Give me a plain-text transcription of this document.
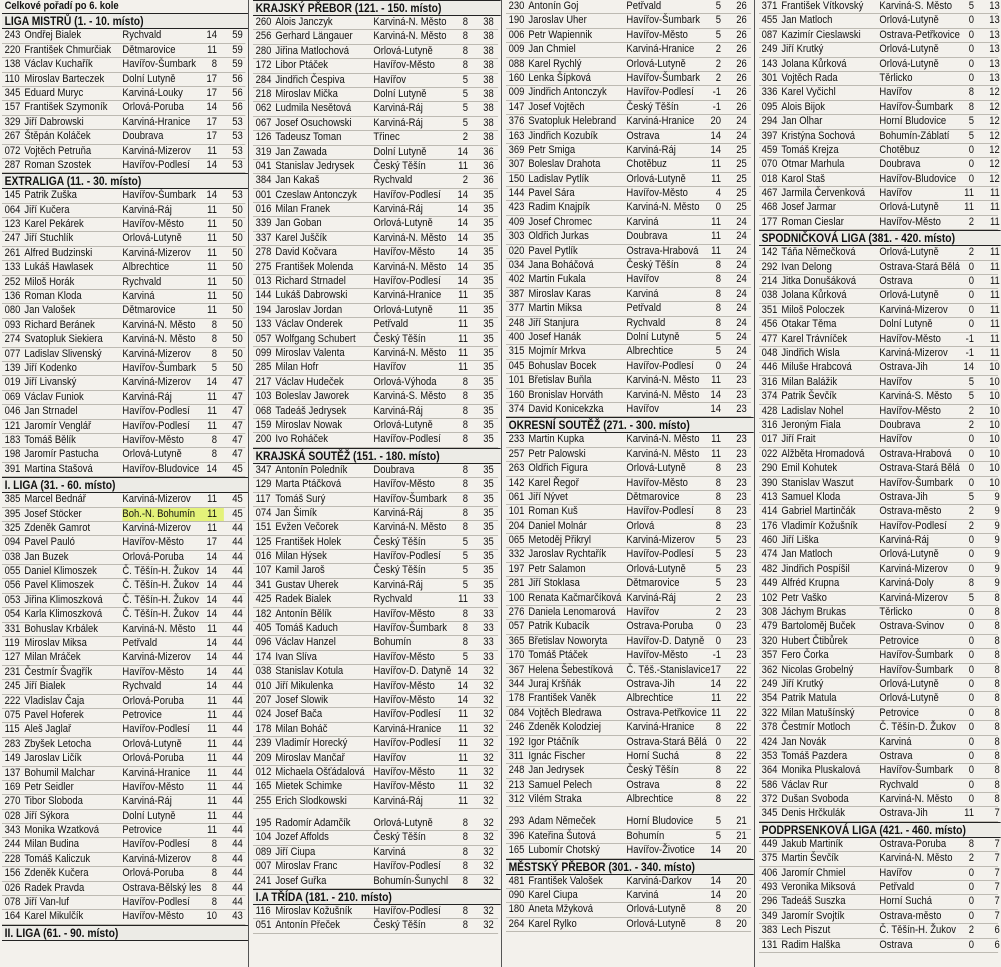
Celkové pořadí po 6. kole
LIGA MISTRŮ (1. - 10. místo)
243 Ondřej Bialek	Rychvald	14	59
220 František Chmurčiak	Dětmarovice	11	59
138 Václav Kuchařík	Havířov-Šumbark	8	59
110 Miroslav Barteczek	Dolní Lutyně	17	56
345 Eduard Muryc	Karviná-Louky	17	56
157 František Szymoník	Orlová-Poruba	14	56
329 Jiří Dabrowski	Karviná-Hranice	17	53
267 Štěpán Koláček	Doubrava	17	53
072 Vojtěch Petruňa	Karviná-Mizerov	11	53
287 Roman Szostek	Havířov-Podlesí	14	53
EXTRALIGA (11. - 30. místo)
145 Patrik Zuška	Havířov-Šumbark 14	53
064 Jiří Kučera	Karviná-Ráj	11	50
123 Karel Pekárek	Havířov-Město	11	50
247 Jiří Stuchlík	Orlová-Lutyně	11	50
261 Alfred Budzinski	Karviná-Mizerov	11	50
133 Lukáš Hawlasek	Albrechtice	11	50
252 Miloš Horák	Rychvald	11	50
136 Roman Kloda	Karviná	11	50
080 Jan Valošek	Dětmarovice	11	50
093 Richard Beránek	Karviná-N. Město	8	50
274 Svatopluk Siekiera	Karviná-N. Město	8	50
077 Ladislav Slivenský	Karviná-Mizerov	8	50
139 Jiří Kodenko	Havířov-Šumbark	5	50
019 Jiří Livanský	Karviná-Mizerov	14	47
069 Václav Funiok	Karviná-Ráj	11	47
046 Jan Strnadel	Havířov-Podlesí	11	47
121 Jaromír Venglář	Havířov-Podlesí	11	47
183 Tomáš Bělík	Havířov-Město	8	47
198 Jaromír Pastucha	Orlová-Lutyně	8	47
391 Martina Stašová	Havířov-Bludovice 14	45
I. LIGA (31. - 60. místo)
385 Marcel Bednář	Karviná-Mizerov	11	45
395 Josef Stöcker	Boh.-N. Bohumín	11	45
325 Zdeněk Gamrot	Karviná-Mizerov	11	44
094 Pavel Pauló	Havířov-Město	17	44
038 Jan Buzek	Orlová-Poruba	14	44
055 Daniel Klimoszek	Č. Těšín-H. Žukov 14	44
056 Pavel Klimoszek	Č. Těšín-H. Žukov 14	44
053 Jiřina Klimoszková	Č. Těšín-H. Žukov 14	44
054 Karla Klimoszková	Č. Těšín-H. Žukov 14	44
331 Bohuslav Krbálek	Karviná-N. Město	11	44
119 Miroslav Miksa	Petřvald	14	44
127 Milan Mráček	Karviná-Mizerov	14	44
231 Čestmír Švagřík	Havířov-Město	14	44
245 Jiří Bialek	Rychvald	14	44
222 Vladislav Čaja	Orlová-Poruba	11	44
075 Pavel Hoferek	Petrovice	11	44
115 Aleš Jaglař	Havířov-Podlesí	11	44
283 Zbyšek Letocha	Orlová-Lutyně	11	44
149 Jaroslav Ličík	Orlová-Poruba	11	44
137 Bohumil Malchar	Karviná-Hranice	11	44
169 Petr Seidler	Havířov-Město	11	44
270 Tibor Sloboda	Karviná-Ráj	11	44
028 Jiří Sýkora	Dolní Lutyně	11	44
343 Monika Wzatková	Petrovice	11	44
244 Milan Budina	Havířov-Podlesí	8	44
228 Tomáš Kaliczuk	Karviná-Mizerov	8	44
156 Zdeněk Kučera	Orlová-Poruba	8	44
026 Radek Pravda	Ostrava-Bělský les 8	44
078 Jiří Van-luf	Havířov-Podlesí	8	44
164 Karel Mikulčík	Havířov-Město	10	43
II. LIGA (61. - 90. místo)
KRAJSKÝ PŘEBOR (121. - 150. místo)
260 Alois Janczyk	Karviná-N. Město	8	38
256 Gerhard Längauer	Karviná-N. Město	8	38
280 Jiřina Matlochová	Orlová-Lutyně	8	38
172 Libor Ptáček	Havířov-Město	8	38
284 Jindřich Čespiva	Havířov	5	38
218 Miroslav Mička	Dolní Lutyně	5	38
062 Ludmila Nesětová	Karviná-Ráj	5	38
067 Josef Osuchowski	Karviná-Ráj	5	38
126 Tadeusz Toman	Třinec	2	38
319 Jan Zawada	Dolní Lutyně	14	36
041 Stanislav Jedrysek	Český Těšín	11	36
384 Jan Kakaš	Rychvald	2	36
001 Czeslaw Antonczyk	Havířov-Podlesí	14	35
016 Milan Franek	Karviná-Ráj	14	35
339 Jan Goban	Orlová-Lutyně	14	35
337 Karel Juščík	Karviná-N. Město 14	35
278 David Kočvara	Havířov-Město	14	35
275 František Molenda	Karviná-N. Město 14	35
013 Richard Strnadel	Havířov-Podlesí	14	35
144 Lukáš Dabrowski	Karviná-Hranice	11	35
194 Jaroslav Jordan	Orlová-Lutyně	11	35
133 Václav Onderek	Petřvald	11	35
057 Wolfgang Schubert	Český Těšín	11	35
099 Miroslav Valenta	Karviná-N. Město	11	35
285 Milan Hofr	Havířov	11	35
217 Václav Hudeček	Orlová-Výhoda	8	35
103 Boleslav Jaworek	Karviná-S. Město	8	35
068 Tadeáš Jedrysek	Karviná-Ráj	8	35
159 Miroslav Nowak	Orlová-Lutyně	8	35
200 Ivo Roháček	Havířov-Podlesí	8	35
KRAJSKÁ SOUTĚŽ (151. - 180. místo)
347 Antonín Poledník	Doubrava	8	35
129 Marta Ptáčková	Havířov-Město	8	35
117 Tomáš Surý	Havířov-Šumbark	8	35
074 Jan Šimík	Karviná-Ráj	8	35
151 Evžen Večorek	Karviná-N. Město	8	35
125 František Holek	Český Těšín	5	35
016 Milan Hýsek	Havířov-Podlesí	5	35
107 Kamil Jaroš	Český Těšín	5	35
341 Gustav Uherek	Karviná-Ráj	5	35
425 Radek Bialek	Rychvald	11	33
182 Antonín Bělík	Havířov-Město	8	33
405 Tomáš Kaduch	Havířov-Šumbark	8	33
096 Václav Hanzel	Bohumín	8	33
174 Ivan Slíva	Havířov-Město	5	33
038 Stanislav Kotula	Havířov-D. Datyně 14	32
010 Jiří Mikulenka	Havířov-Město	14	32
207 Josef Slowik	Havířov-Město	14	32
024 Josef Bača	Havířov-Podlesí	11	32
178 Milan Boháč	Karviná-Hranice	11	32
239 Vladimír Horecký	Havířov-Podlesí	11	32
209 Miroslav Mančař	Havířov	11	32
012 Michaela Ošťádalová Havířov-Město	11	32
165 Mietek Schimke	Havířov-Město	11	32
255 Erich Slodkowski	Karviná-Ráj	11	32
195 Radomír Adamčík	Orlová-Lutyně	8	32
104 Jozef Affolds	Český Těšín	8	32
089 Jiří Ciupa	Karviná	8	32
007 Miroslav Franc	Havířov-Podlesí	8	32
241 Josef Guřka	Bohumín-Šunychl	8	32
I.A TŘÍDA (181. - 210. místo)
116 Miroslav Kožušník	Havířov-Podlesí	8	32
051 Antonín Přeček	Český Těšín	8	32
230 Antonín Goj	Petřvald	5	26
190 Jaroslav Uher	Havířov-Šumbark	5	26
006 Petr Wapiennik	Havířov-Město	5	26
009 Jan Chmiel	Karviná-Hranice	2	26
088 Karel Rychlý	Orlová-Lutyně	2	26
160 Lenka Šípková	Havířov-Šumbark	2	26
009 Jindřich Antonczyk	Havířov-Podlesí	-1	26
147 Josef Vojtěch	Český Těšín	-1	26
376 Svatopluk Helebrand Karviná-Hranice	20	24
163 Jindřich Kozubík	Ostrava	14	24
369 Petr Smiga	Karviná-Ráj	14	25
307 Boleslav Drahota	Chotěbuz	11	25
150 Ladislav Pytlík	Orlová-Lutyně	11	25
144 Pavel Sára	Havířov-Město	4	25
423 Radim Knajpík	Karviná-N. Město	0	25
409 Josef Chromec	Karviná	11	24
303 Oldřich Jurkas	Doubrava	11	24
020 Pavel Pytlík	Ostrava-Hrabová	11	24
034 Jana Boháčová	Český Těšín	8	24
402 Martin Fukala	Havířov	8	24
387 Miroslav Karas	Karviná	8	24
377 Martin Miksa	Petřvald	8	24
248 Jiří Stanjura	Rychvald	8	24
400 Josef Hanák	Dolní Lutyně	5	24
315 Mojmír Mrkva	Albrechtice	5	24
045 Bohuslav Bocek	Havířov-Podlesí	0	24
101 Břetislav Buňla	Karviná-N. Město	11	23
160 Bronislav Horváth	Karviná-N. Město 14	23
374 David Konicekzka	Havířov	14	23
OKRESNÍ SOUTĚŽ (271. - 300. místo)
233 Martin Kupka	Karviná-N. Město	11	23
257 Petr Palowski	Karviná-N. Město	11	23
263 Oldřich Figura	Orlová-Lutyně	8	23
142 Karel Řegoř	Havířov-Město	8	23
061 Jiří Nývet	Dětmarovice	8	23
101 Roman Kuš	Havířov-Podlesí	8	23
204 Daniel Molnár	Orlová	8	23
065 Metoděj Přikryl	Karviná-Mizerov	5	23
332 Jaroslav Rychtařík	Havířov-Podlesí	5	23
197 Petr Salamon	Orlová-Lutyně	5	23
281 Jiří Stoklasa	Dětmarovice	5	23
100 Renata Kačmarčíková Karviná-Ráj	2	23
276 Daniela Lenomarová Havířov	2	23
057 Patrik Kubacík	Ostrava-Poruba	0	23
365 Břetislav Noworyta	Havířov-D. Datyně	0	23
170 Tomáš Ptáček	Havířov-Město	-1	23
367 Helena Šebestíková	Č. Těš.-Stanislavice 17	22
344 Juraj Kršňák	Ostrava-Jih	14	22
178 František Vaněk	Albrechtice	11	22
084 Vojtěch Bledrawa	Ostrava-Petřkovice 11	22
246 Zdeněk Kolodziej	Karviná-Hranice	8	22
192 Igor Ptáčník	Ostrava-Stará Bělá 0	22
311 Ignác Fischer	Horní Suchá	8	22
248 Jan Jedrysek	Český Těšín	8	22
213 Samuel Pelech	Ostrava	8	22
312 Vilém Straka	Albrechtice	8	22
293 Adam Němeček	Horní Bludovice	5	21
396 Kateřina Šutová	Bohumín	5	21
165 Lubomír Chotský	Havířov-Životice	14	20
MĚSTSKÝ PŘEBOR (301. - 340. místo)
481 František Valošek	Karviná-Darkov	14	20
090 Karel Ciupa	Karviná	14	20
180 Aneta Mžyková	Orlová-Lutyně	8	20
264 Karel Rylko	Orlová-Lutyně	8	20
371 František Vítkovský	Karviná-S. Město	5	13
455 Jan Matloch	Orlová-Lutyně	0	13
087 Kazimír Cieslawski	Ostrava-Petřkovice 0	13
249 Jiří Krutký	Orlová-Lutyně	0	13
143 Jolana Kůrková	Orlová-Lutyně	0	13
301 Vojtěch Rada	Těrlicko	0	13
336 Karel Vyčichl	Havířov	8	12
095 Alois Bijok	Havířov-Šumbark	8	12
294 Jan Olhar	Horní Bludovice	5	12
397 Kristýna Sochová	Bohumín-Záblatí	5	12
459 Tomáš Krejza	Chotěbuz	0	12
070 Otmar Marhula	Doubrava	0	12
018 Karol Staš	Havířov-Bludovice	0	12
467 Jarmila Červenková	Havířov	11	11
468 Josef Jarmar	Orlová-Lutyně	11	11
177 Roman Cieslar	Havířov-Město	2	11
SPODNIČKOVÁ LIGA (381. - 420. místo)
142 Táňa Němečková	Orlová-Lutyně	2	11
292 Ivan Delong	Ostrava-Stará Bělá 0	11
214 Jitka Donušáková	Ostrava	0	11
038 Jolana Kůrková	Orlová-Lutyně	0	11
351 Miloš Poloczek	Karviná-Mizerov	0	11
456 Otakar Těma	Dolní Lutyně	0	11
477 Karel Trávníček	Havířov-Město	-1	11
048 Jindřich Wisla	Karviná-Mizerov	-1	11
446 Miluše Hrabcová	Ostrava-Jih	14	10
316 Milan Balážik	Havířov	5	10
374 Patrik Ševčík	Karviná-S. Město	5	10
428 Ladislav Nohel	Havířov-Město	2	10
316 Jeroným Fiala	Doubrava	2	10
017 Jiří Frait	Havířov	0	10
022 Alžběta Hromadová	Ostrava-Hrabová	0	10
290 Emil Kohutek	Ostrava-Stará Bělá 0	10
390 Stanislav Waszut	Havířov-Šumbark	0	10
413 Samuel Kloda	Ostrava-Jih	5	9
414 Gabriel Martinčák	Ostrava-město	2	9
176 Vladimír Kožušník	Havířov-Podlesí	2	9
460 Jiří Liška	Karviná-Ráj	0	9
474 Jan Matloch	Orlová-Lutyně	0	9
482 Jindřich Pospíšil	Karviná-Mizerov	0	9
449 Alfréd Krupna	Karviná-Doly	8	9
102 Petr Vaško	Karviná-Mizerov	5	8
308 Jáchym Brukas	Těrlicko	0	8
479 Bartoloměj Buček	Ostrava-Svinov	0	8
320 Hubert Čtibůrek	Petrovice	0	8
357 Fero Čorka	Havířov-Šumbark	0	8
362 Nicolas Grobelný	Havířov-Šumbark	0	8
249 Jiří Krutký	Orlová-Lutyně	0	8
354 Patrik Matula	Orlová-Lutyně	0	8
322 Milan Matušínský	Petrovice	0	8
378 Čestmír Motloch	Č. Těšín-D. Žukov	0	8
424 Jan Novák	Karviná	0	8
353 Tomáš Pazdera	Ostrava	0	8
364 Monika Pluskalová	Havířov-Šumbark	0	8
586 Václav Rur	Rychvald	0	8
372 Dušan Svoboda	Karviná-N. Město	0	8
345 Denis Hrčkulák	Ostrava-Jih	11	7
PODPRSENKOVÁ LIGA (421. - 460. místo)
449 Jakub Martiník	Ostrava-Poruba	8	7
375 Martin Ševčík	Karviná-N. Město	2	7
406 Jaromír Chmiel	Havířov	0	7
493 Veronika Miksová	Petřvald	0	7
296 Tadeáš Suszka	Horní Suchá	0	7
349 Jaromír Svojtík	Ostrava-město	0	7
383 Lech Piszut	Č. Těšín-H. Žukov	2	6
131 Radim Halška	Ostrava	0	6
